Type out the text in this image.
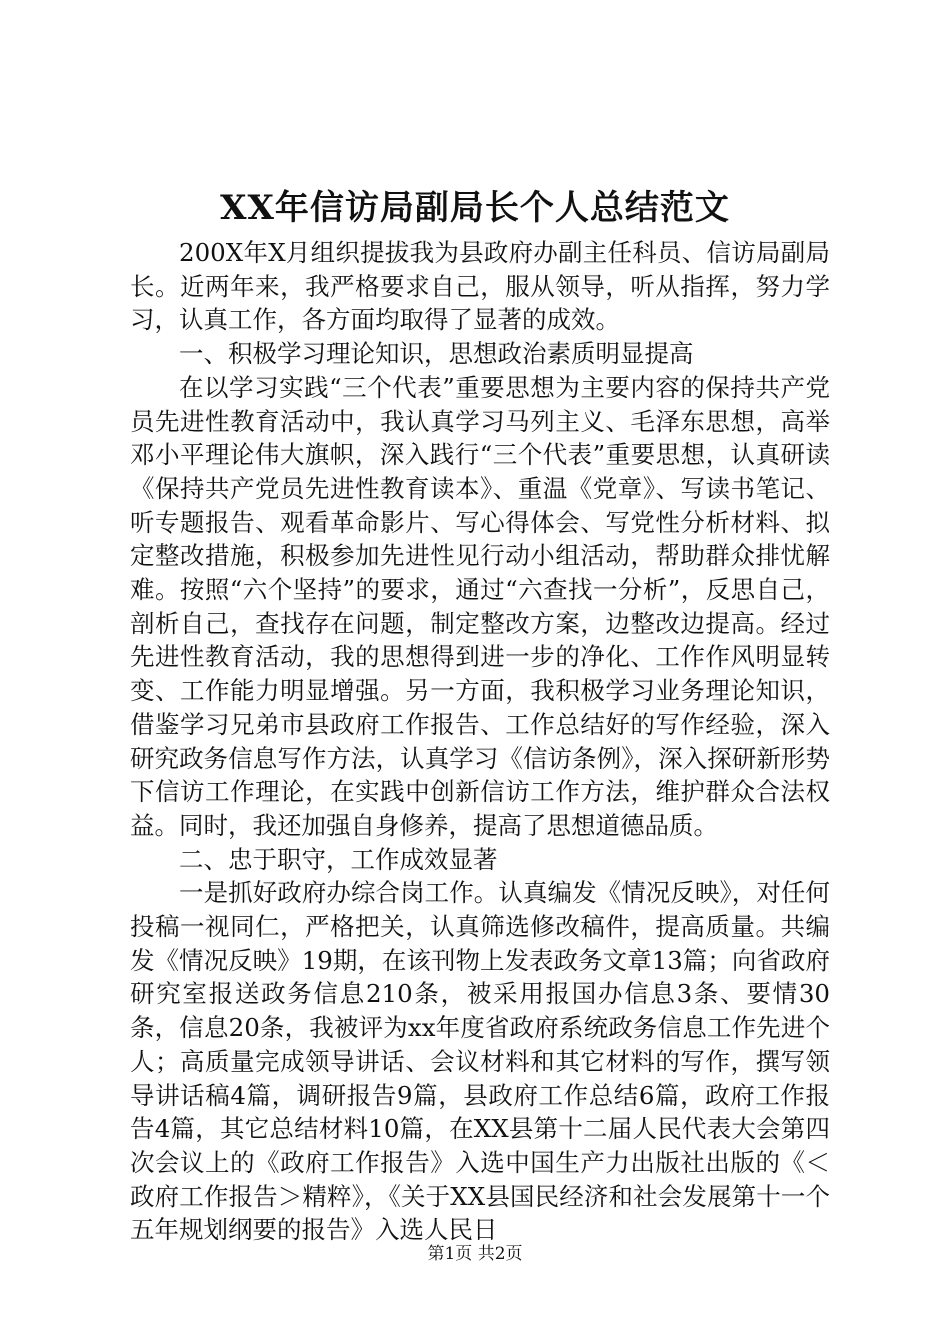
XX年信访局副局长个人总结范文

200X年X月组织提拔我为县政府办副主任科员、信访局副局长。近两年来，我严格要求自己，服从领导，听从指挥，努力学习，认真工作，各方面均取得了显著的成效。

一、积极学习理论知识，思想政治素质明显提高

在以学习实践“三个代表”重要思想为主要内容的保持共产党员先进性教育活动中，我认真学习马列主义、毛泽东思想，高举邓小平理论伟大旗帜，深入践行“三个代表”重要思想，认真研读《保持共产党员先进性教育读本》、重温《党章》、写读书笔记、听专题报告、观看革命影片、写心得体会、写党性分析材料、拟定整改措施，积极参加先进性见行动小组活动，帮助群众排忧解难。按照“六个坚持”的要求，通过“六查找一分析”，反思自己，剖析自己，查找存在问题，制定整改方案，边整改边提高。经过先进性教育活动，我的思想得到进一步的净化、工作作风明显转变、工作能力明显增强。另一方面，我积极学习业务理论知识，借鉴学习兄弟市县政府工作报告、工作总结好的写作经验，深入研究政务信息写作方法，认真学习《信访条例》，深入探研新形势下信访工作理论，在实践中创新信访工作方法，维护群众合法权益。同时，我还加强自身修养，提高了思想道德品质。

二、忠于职守，工作成效显著

一是抓好政府办综合岗工作。认真编发《情况反映》，对任何投稿一视同仁，严格把关，认真筛选修改稿件，提高质量。共编发《情况反映》19期，在该刊物上发表政务文章13篇；向省政府研究室报送政务信息210条，被采用报国办信息3条、要情30条，信息20条，我被评为xx年度省政府系统政务信息工作先进个人；高质量完成领导讲话、会议材料和其它材料的写作，撰写领导讲话稿4篇，调研报告9篇，县政府工作总结6篇，政府工作报告4篇，其它总结材料10篇，在XX县第十二届人民代表大会第四次会议上的《政府工作报告》入选中国生产力出版社出版的《＜政府工作报告＞精粹》，《关于XX县国民经济和社会发展第十一个五年规划纲要的报告》入选人民日

第1页 共2页
